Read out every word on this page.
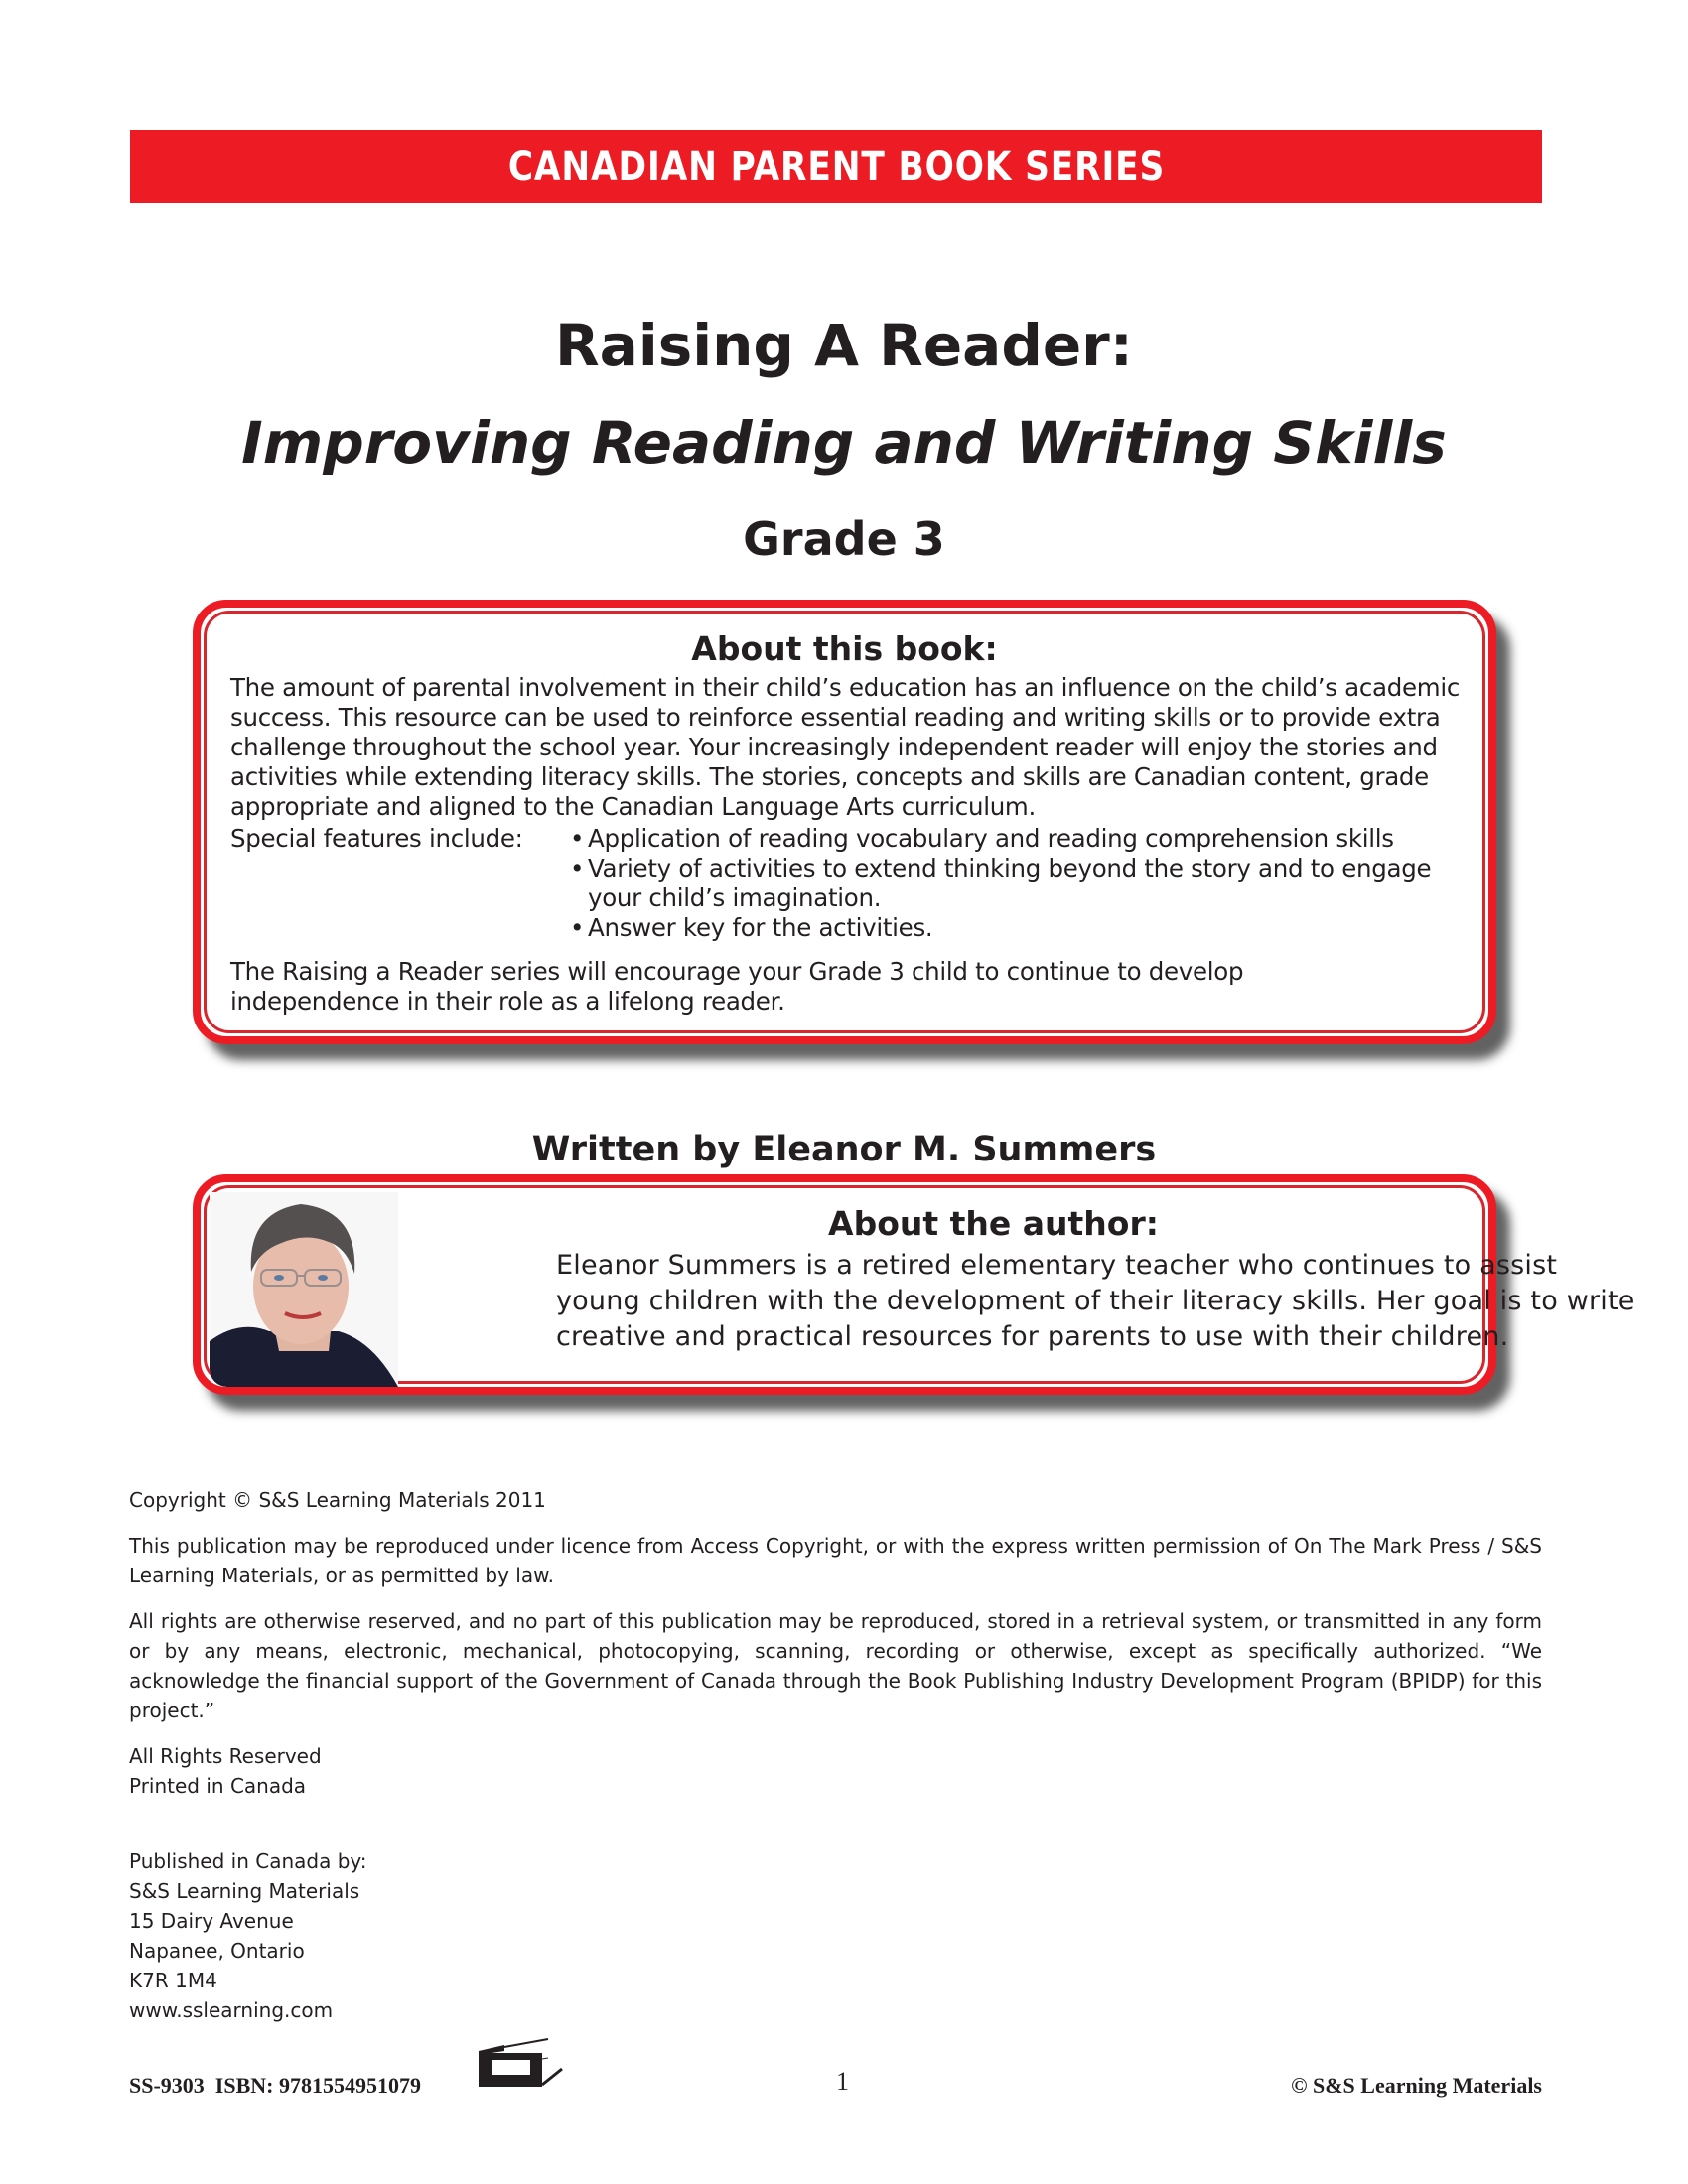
CANADIAN PARENT BOOK SERIES
Raising A Reader:
Improving Reading and Writing Skills
Grade 3
About this book:
The amount of parental involvement in their child’s education has an influence on the child’s academic success. This resource can be used to reinforce essential reading and writing skills or to provide extra challenge throughout the school year. Your increasingly independent reader will enjoy the stories and activities while extending literacy skills. The stories, concepts and skills are Canadian content, grade appropriate and aligned to the Canadian Language Arts curriculum.
Special features include:	• Application of reading vocabulary and reading comprehension skills
• Variety of activities to extend thinking beyond the story and to engage your child’s imagination.
• Answer key for the activities.
The Raising a Reader series will encourage your Grade 3 child to continue to develop independence in their role as a lifelong reader.
Written by Eleanor M. Summers
About the author:
Eleanor Summers is a retired elementary teacher who continues to assist young children with the development of their literacy skills. Her goal is to write creative and practical resources for parents to use with their children.

Copyright © S&S Learning Materials 2011

This publication may be reproduced under licence from Access Copyright, or with the express written permission of On The Mark Press / S&S Learning Materials, or as permitted by law.

All rights are otherwise reserved, and no part of this publication may be reproduced, stored in a retrieval system, or transmitted in any form or by any means, electronic, mechanical, photocopying, scanning, recording or otherwise, except as specifically authorized. “We acknowledge the financial support of the Government of Canada through the Book Publishing Industry Development Program (BPIDP) for this project.”

All Rights Reserved

Printed in Canada

Published in Canada by:
S&S Learning Materials
15 Dairy Avenue
Napanee, Ontario
K7R 1M4
www.sslearning.com
SS-9303  ISBN: 9781554951079	1	© S&S Learning Materials
